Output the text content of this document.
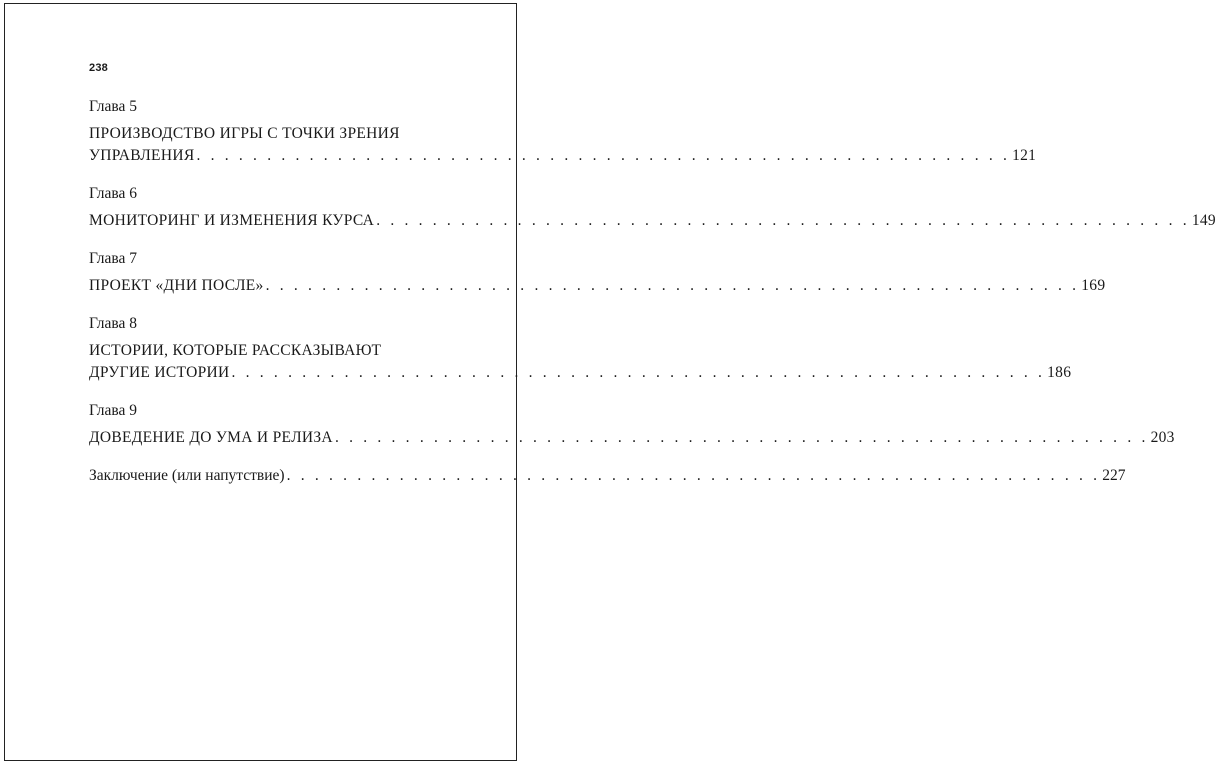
238
Глава 5
ПРОИЗВОДСТВО ИГРЫ С ТОЧКИ ЗРЕНИЯ
УПРАВЛЕНИЯ . . . . . . . . . . . . . . . . . . . . . . . . . . . . . . . . . . . . . . . . . . . . . . . . . . . . . . . . . . 121
Глава 6
МОНИТОРИНГ И ИЗМЕНЕНИЯ КУРСА . . . . . . . . . . . . . . . . . . . . . . . . . . . . . . . . . . . . . . . . . . . . . . . . . . . . . . . . . . 149
Глава 7
ПРОЕКТ «ДНИ ПОСЛЕ» . . . . . . . . . . . . . . . . . . . . . . . . . . . . . . . . . . . . . . . . . . . . . . . . . . . . . . . . . . 169
Глава 8
ИСТОРИИ, КОТОРЫЕ РАССКАЗЫВАЮТ
ДРУГИЕ ИСТОРИИ . . . . . . . . . . . . . . . . . . . . . . . . . . . . . . . . . . . . . . . . . . . . . . . . . . . . . . . . . . 186
Глава 9
ДОВЕДЕНИЕ ДО УМА И РЕЛИЗА . . . . . . . . . . . . . . . . . . . . . . . . . . . . . . . . . . . . . . . . . . . . . . . . . . . . . . . . . . 203
Заключение (или напутствие) . . . . . . . . . . . . . . . . . . . . . . . . . . . . . . . . . . . . . . . . . . . . . . . . . . . . . . . . . . 227
